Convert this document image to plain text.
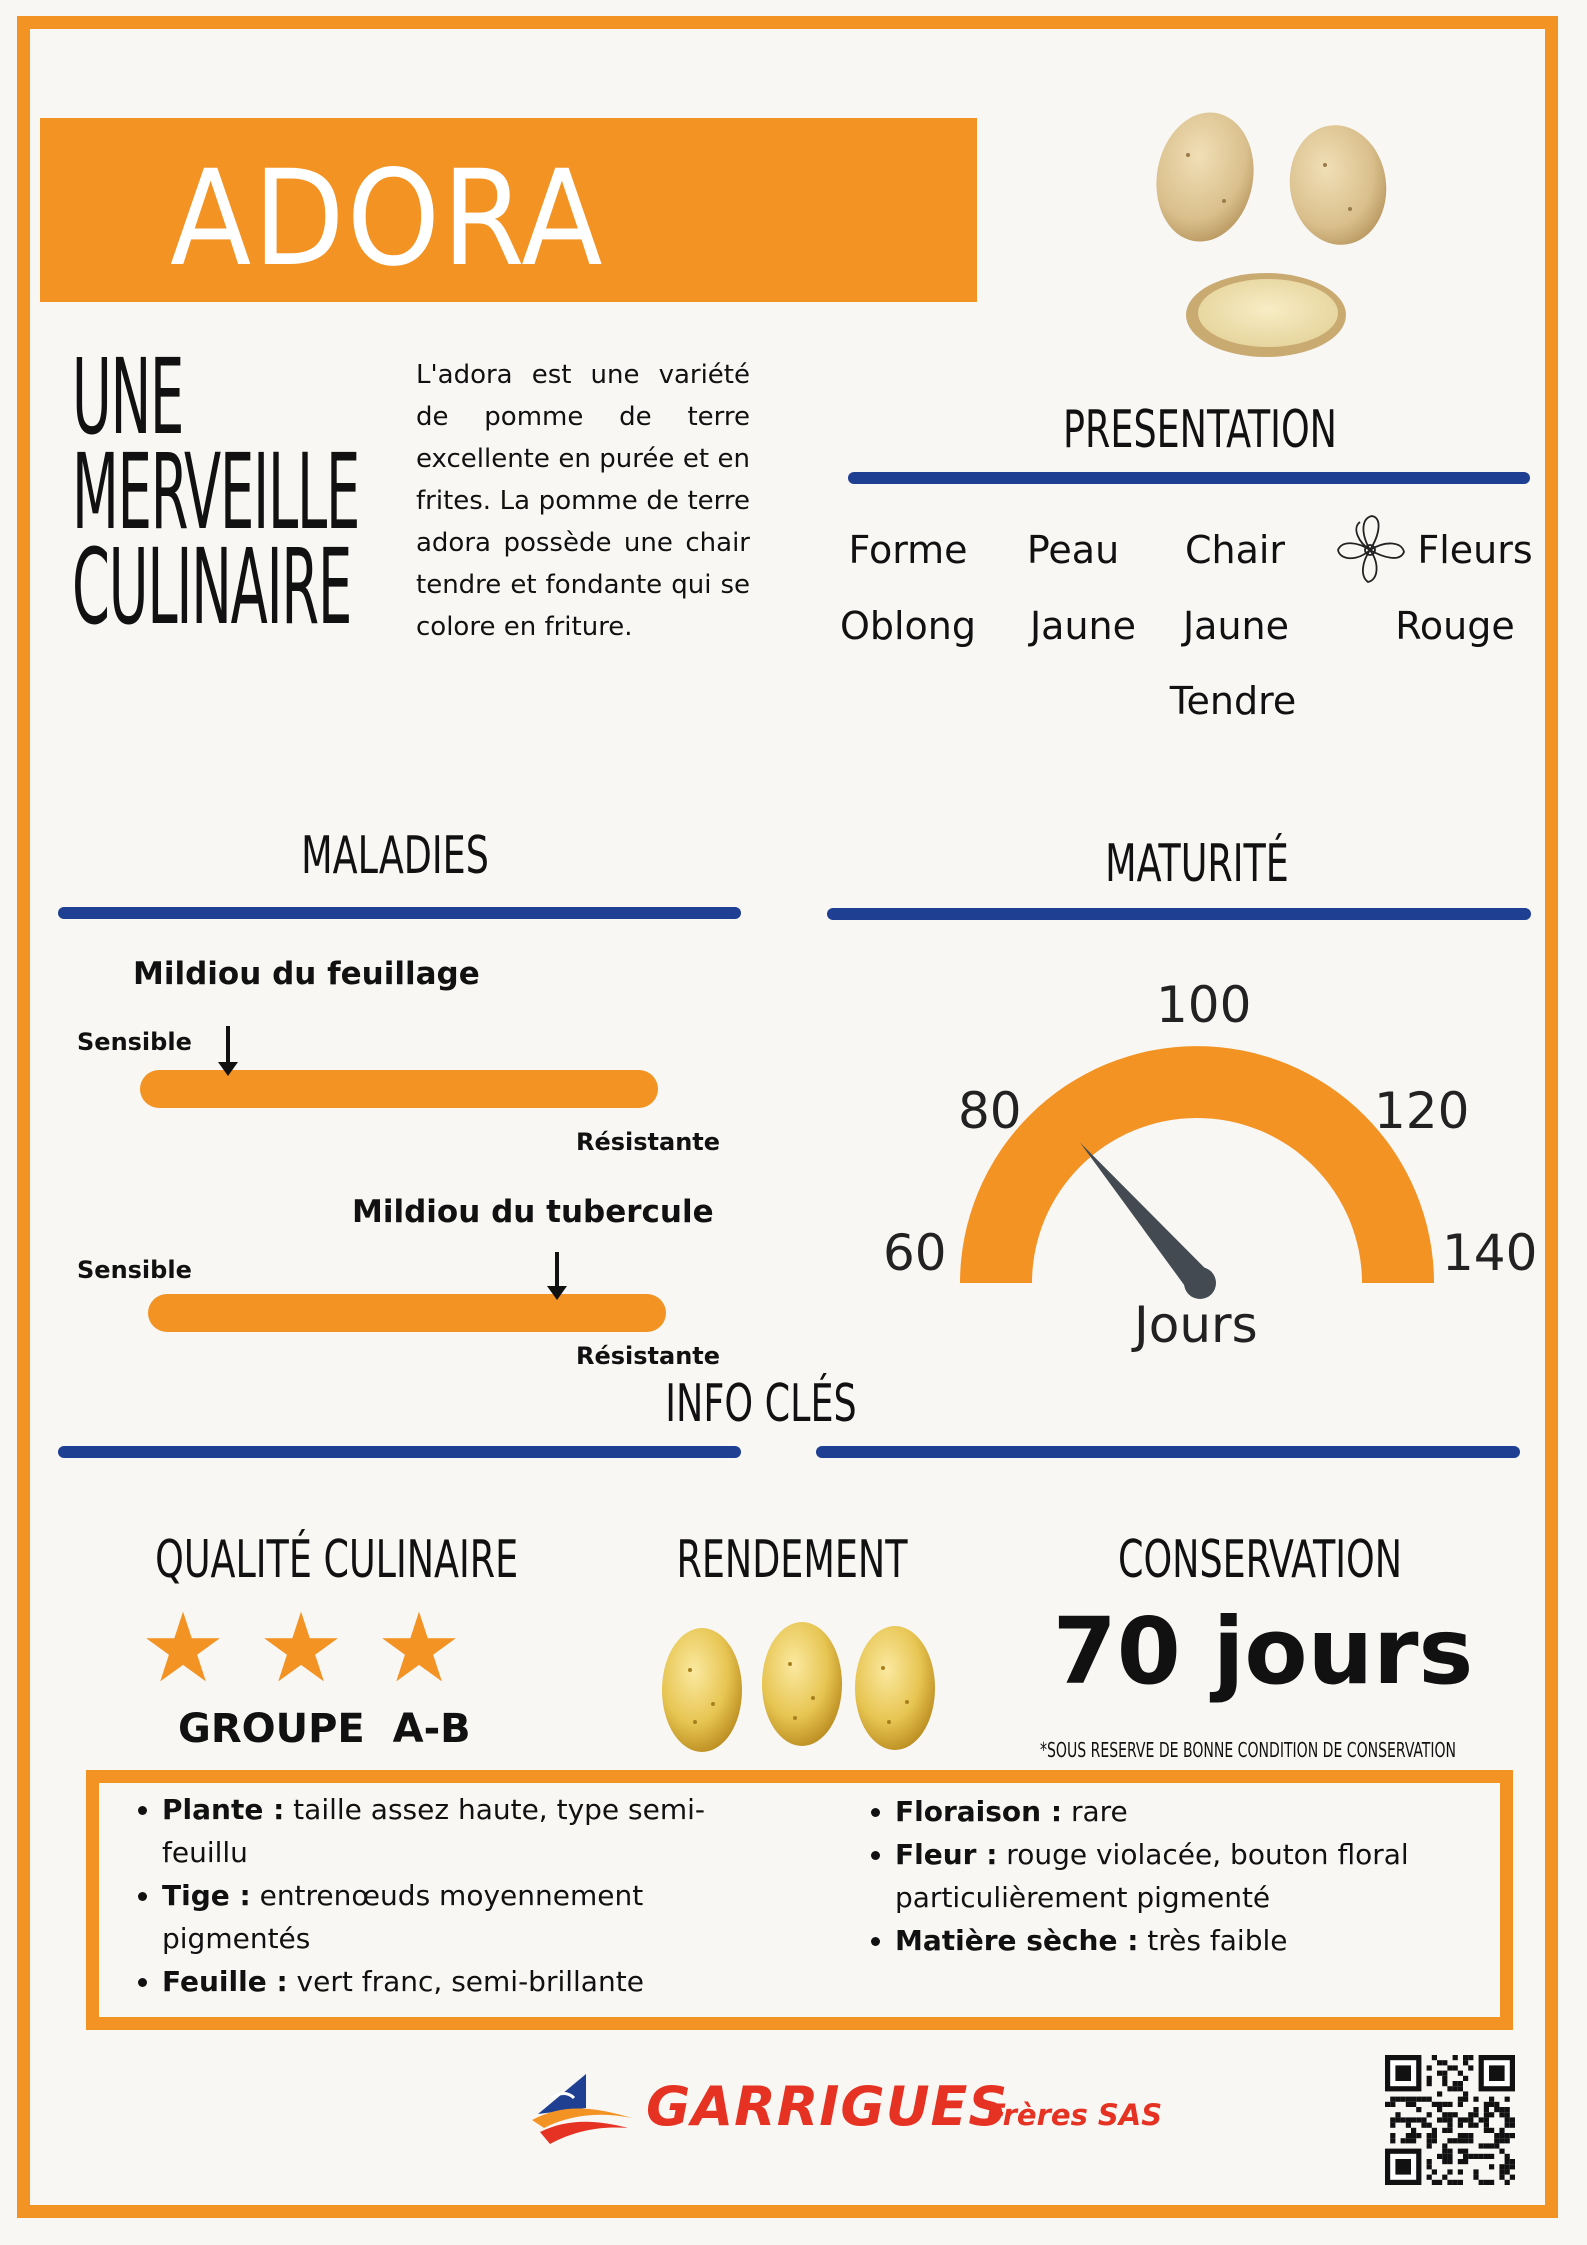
ADORA
UNE
MERVEILLE
CULINAIRE
L'adora est une variété de pomme de terre excellente en purée et en frites. La pomme de terre adora possède une chair tendre et fondante qui se colore en friture.
PRESENTATION
Forme	Peau	Chair	Fleurs
Oblong	Jaune	Jaune	Rouge
Tendre
MALADIES
Mildiou du feuillage
Sensible
Résistante
Mildiou du tubercule
Sensible
Résistante
MATURITÉ
60
80
100
120
140
Jours
INFO CLÉS
QUALITÉ CULINAIRE
★ ★ ★
GROUPE  A-B
RENDEMENT	CONSERVATION
70 jours
*SOUS RESERVE DE BONNE CONDITION DE CONSERVATION
• Plante : taille assez haute, type semi-feuillu
• Tige : entrenœuds moyennement pigmentés
• Feuille : vert franc, semi-brillante
• Floraison : rare
• Fleur : rouge violacée, bouton floral particulièrement pigmenté
• Matière sèche : très faible
GARRIGUES
Frères SAS
